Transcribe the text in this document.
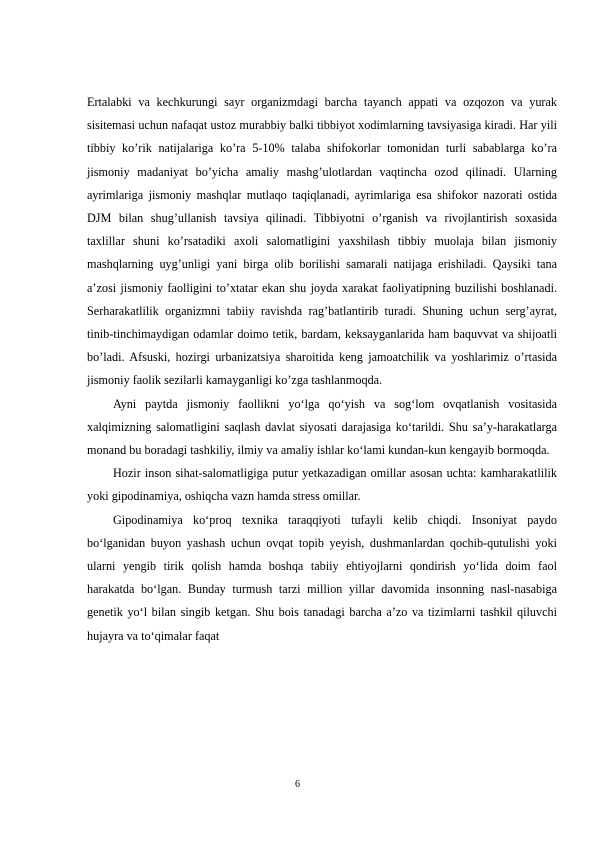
Ertalabki va kechkurungi sayr organizmdagi barcha tayanch appati va ozqozon va yurak sisitemasi uchun nafaqat ustoz murabbiy balki tibbiyot xodimlarning tavsiyasiga kiradi. Har yili tibbiy ko’rik natijalariga ko’ra 5-10% talaba shifokorlar tomonidan turli sabablarga ko’ra jismoniy madaniyat bo’yicha amaliy mashg’ulotlardan vaqtincha ozod qilinadi. Ularning ayrimlariga jismoniy mashqlar mutlaqo taqiqlanadi, ayrimlariga esa shifokor nazorati ostida DJM bilan shug’ullanish tavsiya qilinadi. Tibbiyotni o’rganish va rivojlantirish soxasida taxlillar shuni ko’rsatadiki axoli salomatligini yaxshilash tibbiy muolaja bilan jismoniy mashqlarning uyg’unligi yani birga olib borilishi samarali natijaga erishiladi. Qaysiki tana a’zosi jismoniy faolligini to’xtatar ekan shu joyda xarakat faoliyatipning buzilishi boshlanadi. Serharakatlilik organizmni tabiiy ravishda rag’batlantirib turadi. Shuning uchun serg’ayrat, tinib-tinchimaydigan odamlar doimo tetik, bardam, keksayganlarida ham baquvvat va shijoatli bo’ladi. Afsuski, hozirgi urbanizatsiya sharoitida keng jamoatchilik va yoshlarimiz o’rtasida jismoniy faolik sezilarli kamayganligi ko’zga tashlanmoqda.

Ayni paytda jismoniy faollikni yo‘lga qo‘yish va sog‘lom ovqatlanish vositasida xalqimizning salomatligini saqlash davlat siyosati darajasiga ko‘tarildi. Shu sa’y-harakatlarga monand bu boradagi tashkiliy, ilmiy va amaliy ishlar ko‘lami kundan-kun kengayib bormoqda.

Hozir inson sihat-salomatligiga putur yetkazadigan omillar asosan uchta: kamharakatlilik yoki gipodinamiya, oshiqcha vazn hamda stress omillar.

Gipodinamiya ko‘proq texnika taraqqiyoti tufayli kelib chiqdi. Insoniyat paydo bo‘lganidan buyon yashash uchun ovqat topib yeyish, dushmanlardan qochib-qutulishi yoki ularni yengib tirik qolish hamda boshqa tabiiy ehtiyojlarni qondirish yo‘lida doim faol harakatda bo‘lgan. Bunday turmush tarzi million yillar davomida insonning nasl-nasabiga genetik yo‘l bilan singib ketgan. Shu bois tanadagi barcha a’zo va tizimlarni tashkil qiluvchi hujayra va to‘qimalar faqat

6
